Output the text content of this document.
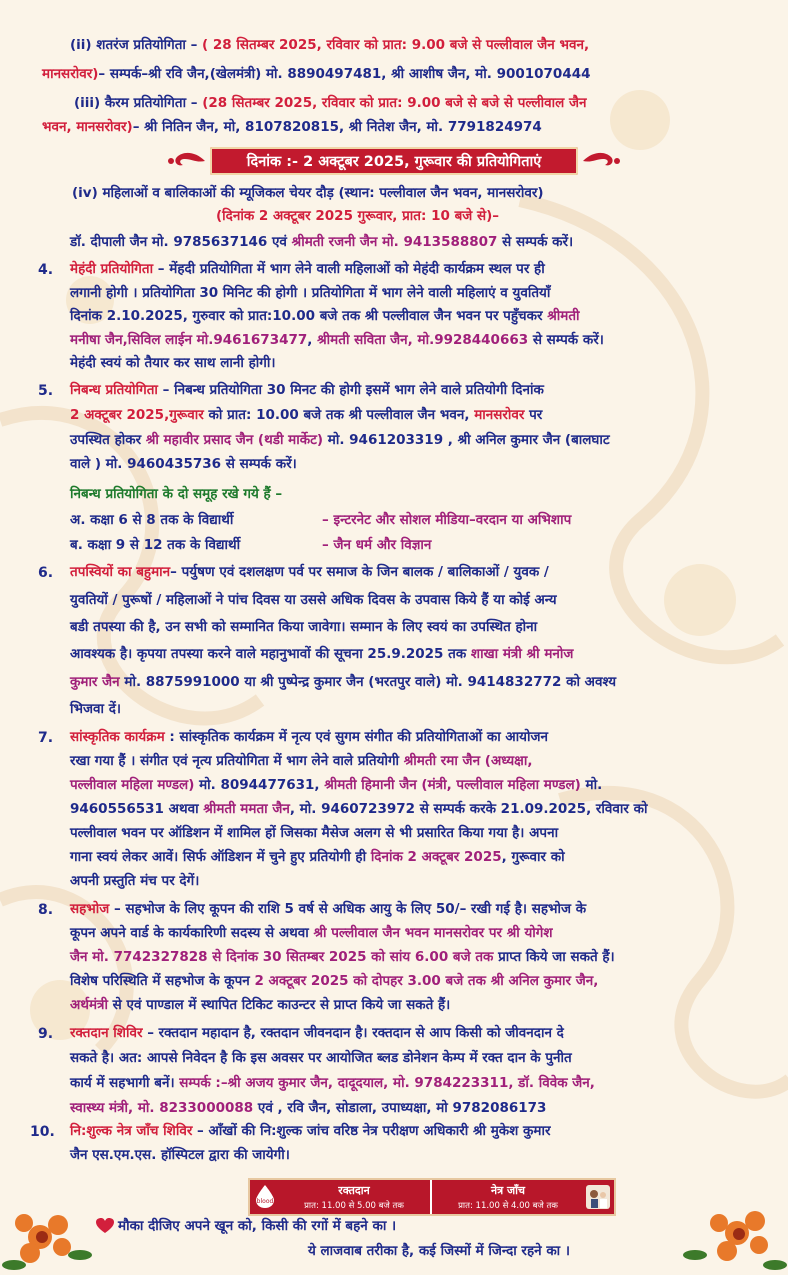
(ii) शतरंज प्रतियोगिता – ( 28 सितम्बर 2025, रविवार को प्रात: 9.00 बजे से पल्लीवाल जैन भवन,
मानसरोवर)– सम्पर्क–श्री रवि जैन,(खेलमंत्री) मो. 8890497481, श्री आशीष जैन, मो. 9001070444
(iii) कैरम प्रतियोगिता – (28 सितम्बर 2025, रविवार को प्रात: 9.00 बजे से बजे से पल्लीवाल जैन
भवन, मानसरोवर)– श्री नितिन जैन, मो, 8107820815, श्री नितेश जैन, मो. 7791824974
दिनांक :- 2 अक्टूबर 2025, गुरूवार की प्रतियोगिताएं
(iv) महिलाओं व बालिकाओं की म्यूजिकल चेयर दौड़ (स्थान: पल्लीवाल जैन भवन, मानसरोवर)
(दिनांक 2 अक्टूबर 2025 गुरूवार, प्रात: 10 बजे से)–
डॉ. दीपाली जैन मो. 9785637146 एवं श्रीमती रजनी जैन मो. 9413588807 से सम्पर्क करें।
4. मेहंदी प्रतियोगिता – मेंहदी प्रतियोगिता में भाग लेने वाली महिलाओं को मेहंदी कार्यक्रम स्थल पर ही
लगानी होगी । प्रतियोगिता 30 मिनिट की होगी । प्रतियोगिता में भाग लेने वाली महिलाएं व युवतियाँ
दिनांक 2.10.2025, गुरुवार को प्रात:10.00 बजे तक श्री पल्लीवाल जैन भवन पर पहुँचकर श्रीमती
मनीषा जैन,सिविल लाईन मो.9461673477, श्रीमती सविता जैन, मो.9928440663 से सम्पर्क करें।
मेहंदी स्वयं को तैयार कर साथ लानी होगी।
5. निबन्ध प्रतियोगिता – निबन्ध प्रतियोगिता 30 मिनट की होगी इसमें भाग लेने वाले प्रतियोगी दिनांक
2 अक्टूबर 2025,गुरूवार को प्रात: 10.00 बजे तक श्री पल्लीवाल जैन भवन, मानसरोवर पर
उपस्थित होकर श्री महावीर प्रसाद जैन (थडी मार्केट) मो. 9461203319 , श्री अनिल कुमार जैन (बालघाट
वाले ) मो. 9460435736 से सम्पर्क करें।
निबन्ध प्रतियोगिता के दो समूह रखे गये हैं –
अ. कक्षा 6 से 8 तक के विद्यार्थी	– इन्टरनेट और सोशल मीडिया–वरदान या अभिशाप
ब. कक्षा 9 से 12 तक के विद्यार्थी	– जैन धर्म और विज्ञान
6. तपस्वियों का बहुमान– पर्युषण एवं दशलक्षण पर्व पर समाज के जिन बालक / बालिकाओं / युवक /
युवतियों / पुरूषों / महिलाओं ने पांच दिवस या उससे अधिक दिवस के उपवास किये हैं या कोई अन्य
बडी तपस्या की है, उन सभी को सम्मानित किया जावेगा। सम्मान के लिए स्वयं का उपस्थित होना
आवश्यक है। कृपया तपस्या करने वाले महानुभावों की सूचना 25.9.2025 तक शाखा मंत्री श्री मनोज
कुमार जैन मो. 8875991000 या श्री पुष्पेन्द्र कुमार जैन (भरतपुर वाले) मो. 9414832772 को अवश्य
भिजवा दें।
7. सांस्कृतिक कार्यक्रम : सांस्कृतिक कार्यक्रम में नृत्य एवं सुगम संगीत की प्रतियोगिताओं का आयोजन
रखा गया हैं । संगीत एवं नृत्य प्रतियोगिता में भाग लेने वाले प्रतियोगी श्रीमती रमा जैन (अध्यक्षा,
पल्लीवाल महिला मण्डल) मो. 8094477631, श्रीमती हिमानी जैन (मंत्री, पल्लीवाल महिला मण्डल) मो.
9460556531 अथवा श्रीमती ममता जैन, मो. 9460723972 से सम्पर्क करके 21.09.2025, रविवार को
पल्लीवाल भवन पर ऑडिशन में शामिल हों जिसका मैसेज अलग से भी प्रसारित किया गया है। अपना
गाना स्वयं लेकर आवें। सिर्फ ऑडिशन में चुने हुए प्रतियोगी ही दिनांक 2 अक्टूबर 2025, गुरूवार को
अपनी प्रस्तुति मंच पर देगें।
8. सहभोज – सहभोज के लिए कूपन की राशि 5 वर्ष से अधिक आयु के लिए 50/– रखी गई है। सहभोज के
कूपन अपने वार्ड के कार्यकारिणी सदस्य से अथवा श्री पल्लीवाल जैन भवन मानसरोवर पर श्री योगेश
जैन मो. 7742327828 से दिनांक 30 सितम्बर 2025 को सांय 6.00 बजे तक प्राप्त किये जा सकते हैं।
विशेष परिस्थिति में सहभोज के कूपन 2 अक्टूबर 2025 को दोपहर 3.00 बजे तक श्री अनिल कुमार जैन,
अर्थमंत्री से एवं पाण्डाल में स्थापित टिकिट काउन्टर से प्राप्त किये जा सकते हैं।
9. रक्तदान शिविर – रक्तदान महादान है, रक्तदान जीवनदान है। रक्तदान से आप किसी को जीवनदान दे
सकते है। अत: आपसे निवेदन है कि इस अवसर पर आयोजित ब्लड डोनेशन केम्प में रक्त दान के पुनीत
कार्य में सहभागी बनें। सम्पर्क :–श्री अजय कुमार जैन, दादूदयाल, मो. 9784223311, डॉ. विवेक जैन,
स्वास्थ्य मंत्री, मो. 8233000088 एवं , रवि जैन, सोडाला, उपाध्यक्षा, मो 9782086173
10. नि:शुल्क नेत्र जाँच शिविर – आँखों की नि:शुल्क जांच वरिष्ठ नेत्र परीक्षण अधिकारी श्री मुकेश कुमार
जैन एस.एम.एस. हॉस्पिटल द्वारा की जायेगी।
blood
रक्तदान
प्रात: 11.00 से 5.00 बजे तक
नेत्र जाँच
प्रात: 11.00 से 4.00 बजे तक
मौका दीजिए अपने खून को, किसी की रगों में बहने का ।
ये लाजवाब तरीका है, कई जिस्मों में जिन्दा रहने का ।
